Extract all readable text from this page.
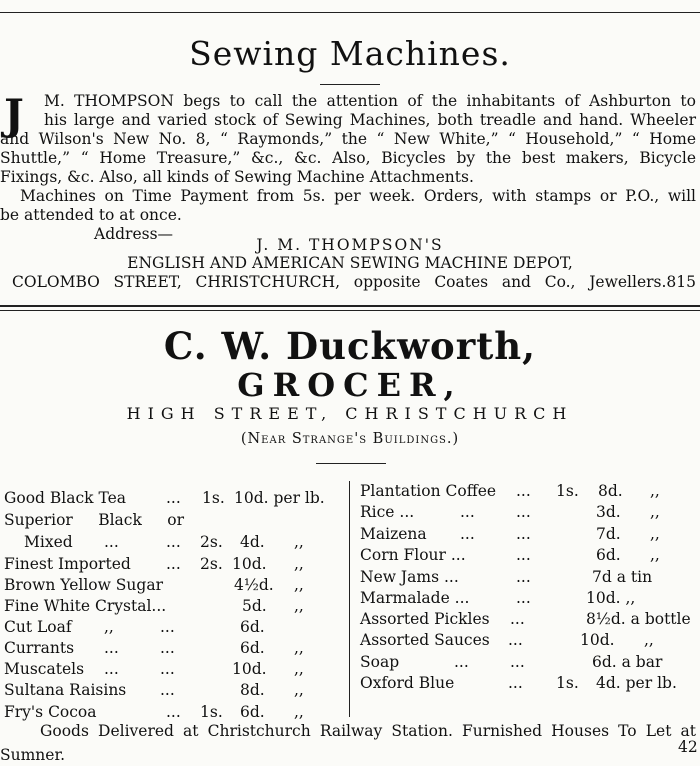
Sewing Machines.
J M. THOMPSON begs to call the attention of the inhabitants of Ashburton to
his large and varied stock of Sewing Machines, both treadle and hand. Wheeler
and Wilson's New No. 8, “ Raymonds,” the “ New White,” “ Household,” “ Home
Shuttle,” “ Home Treasure,” &c., &c. Also, Bicycles by the best makers, Bicycle
Fixings, &c. Also, all kinds of Sewing Machine Attachments.
Machines on Time Payment from 5s. per week. Orders, with stamps or P.O., will
be attended to at once.
Address—
J. M. THOMPSON'S
ENGLISH AND AMERICAN SEWING MACHINE DEPOT,
COLOMBO STREET, CHRISTCHURCH, opposite Coates and Co., Jewellers.815
C. W. Duckworth,
GROCER,
HIGH STREET, CHRISTCHURCH
(Near Strange's Buildings.)
Good Black Tea	... 1s. 10d. per lb.
Superior Black or
Mixed ...	... 2s. 4d. ,,
Finest Imported ... 2s. 10d. ,,
Brown Yellow Sugar	4½d. ,,
Fine White Crystal...	5d. ,,
Cut Loaf ,,	...	6d.
Currants ...	...	6d. ,,
Muscatels ...	...	10d. ,,
Sultana Raisins ...	8d. ,,
Fry's Cocoa	... 1s. 6d. ,,
Plantation Coffee ... 1s. 8d. ,,
Rice ...	...	...	3d. ,,
Maizena ...	...	7d. ,,
Corn Flour ...	...	6d. ,,
New Jams ...	...	7d a tin
Marmalade ...	...	10d. ,,
Assorted Pickles ...	8½d. a bottle
Assorted Sauces ...	10d. ,,
Soap	...	...	6d. a bar
Oxford Blue	... 1s. 4d. per lb.
Goods Delivered at Christchurch Railway Station. Furnished Houses To Let at
42
Sumner.
